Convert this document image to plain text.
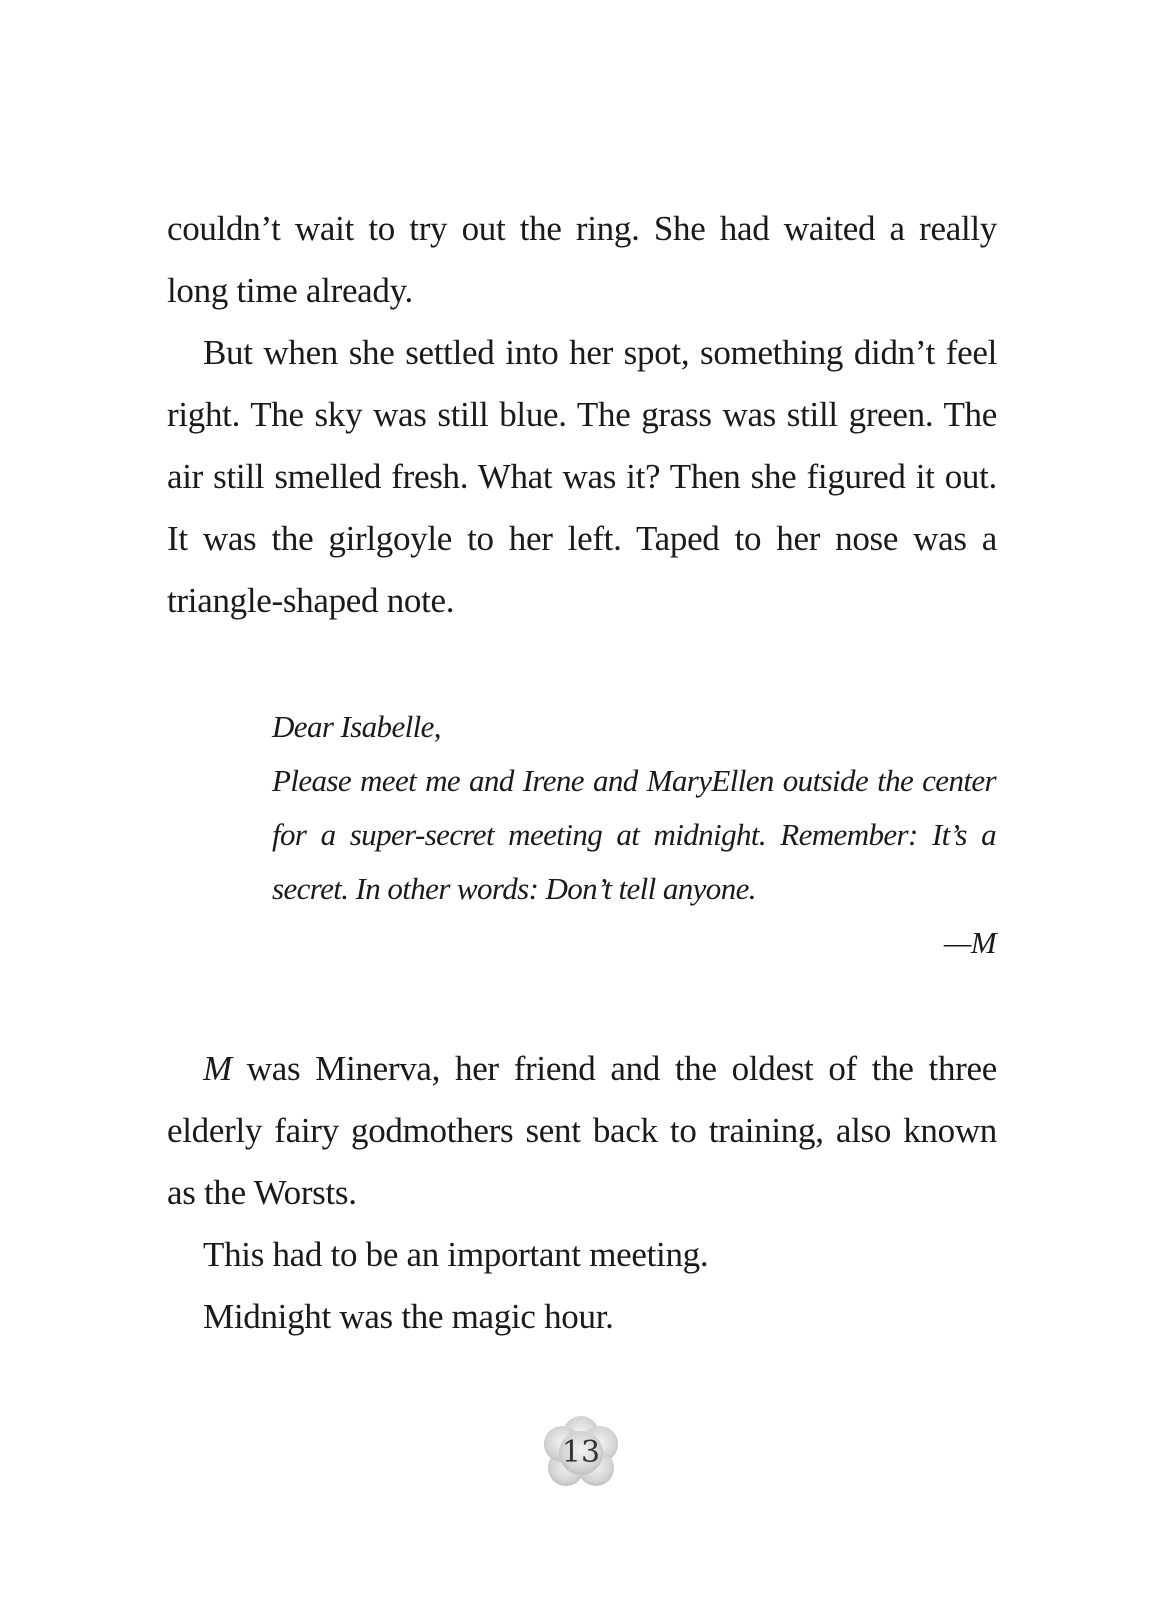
couldn’t wait to try out the ring. She had waited a really long time already.

But when she settled into her spot, something didn’t feel right. The sky was still blue. The grass was still green. The air still smelled fresh. What was it? Then she figured it out. It was the girlgoyle to her left. Taped to her nose was a triangle-shaped note.

Dear Isabelle,

Please meet me and Irene and MaryEllen outside the center for a super-secret meeting at midnight. Remember: It’s a secret. In other words: Don’t tell anyone.

—M

M was Minerva, her friend and the oldest of the three elderly fairy godmothers sent back to training, also known as the Worsts.

This had to be an important meeting.

Midnight was the magic hour.

13
